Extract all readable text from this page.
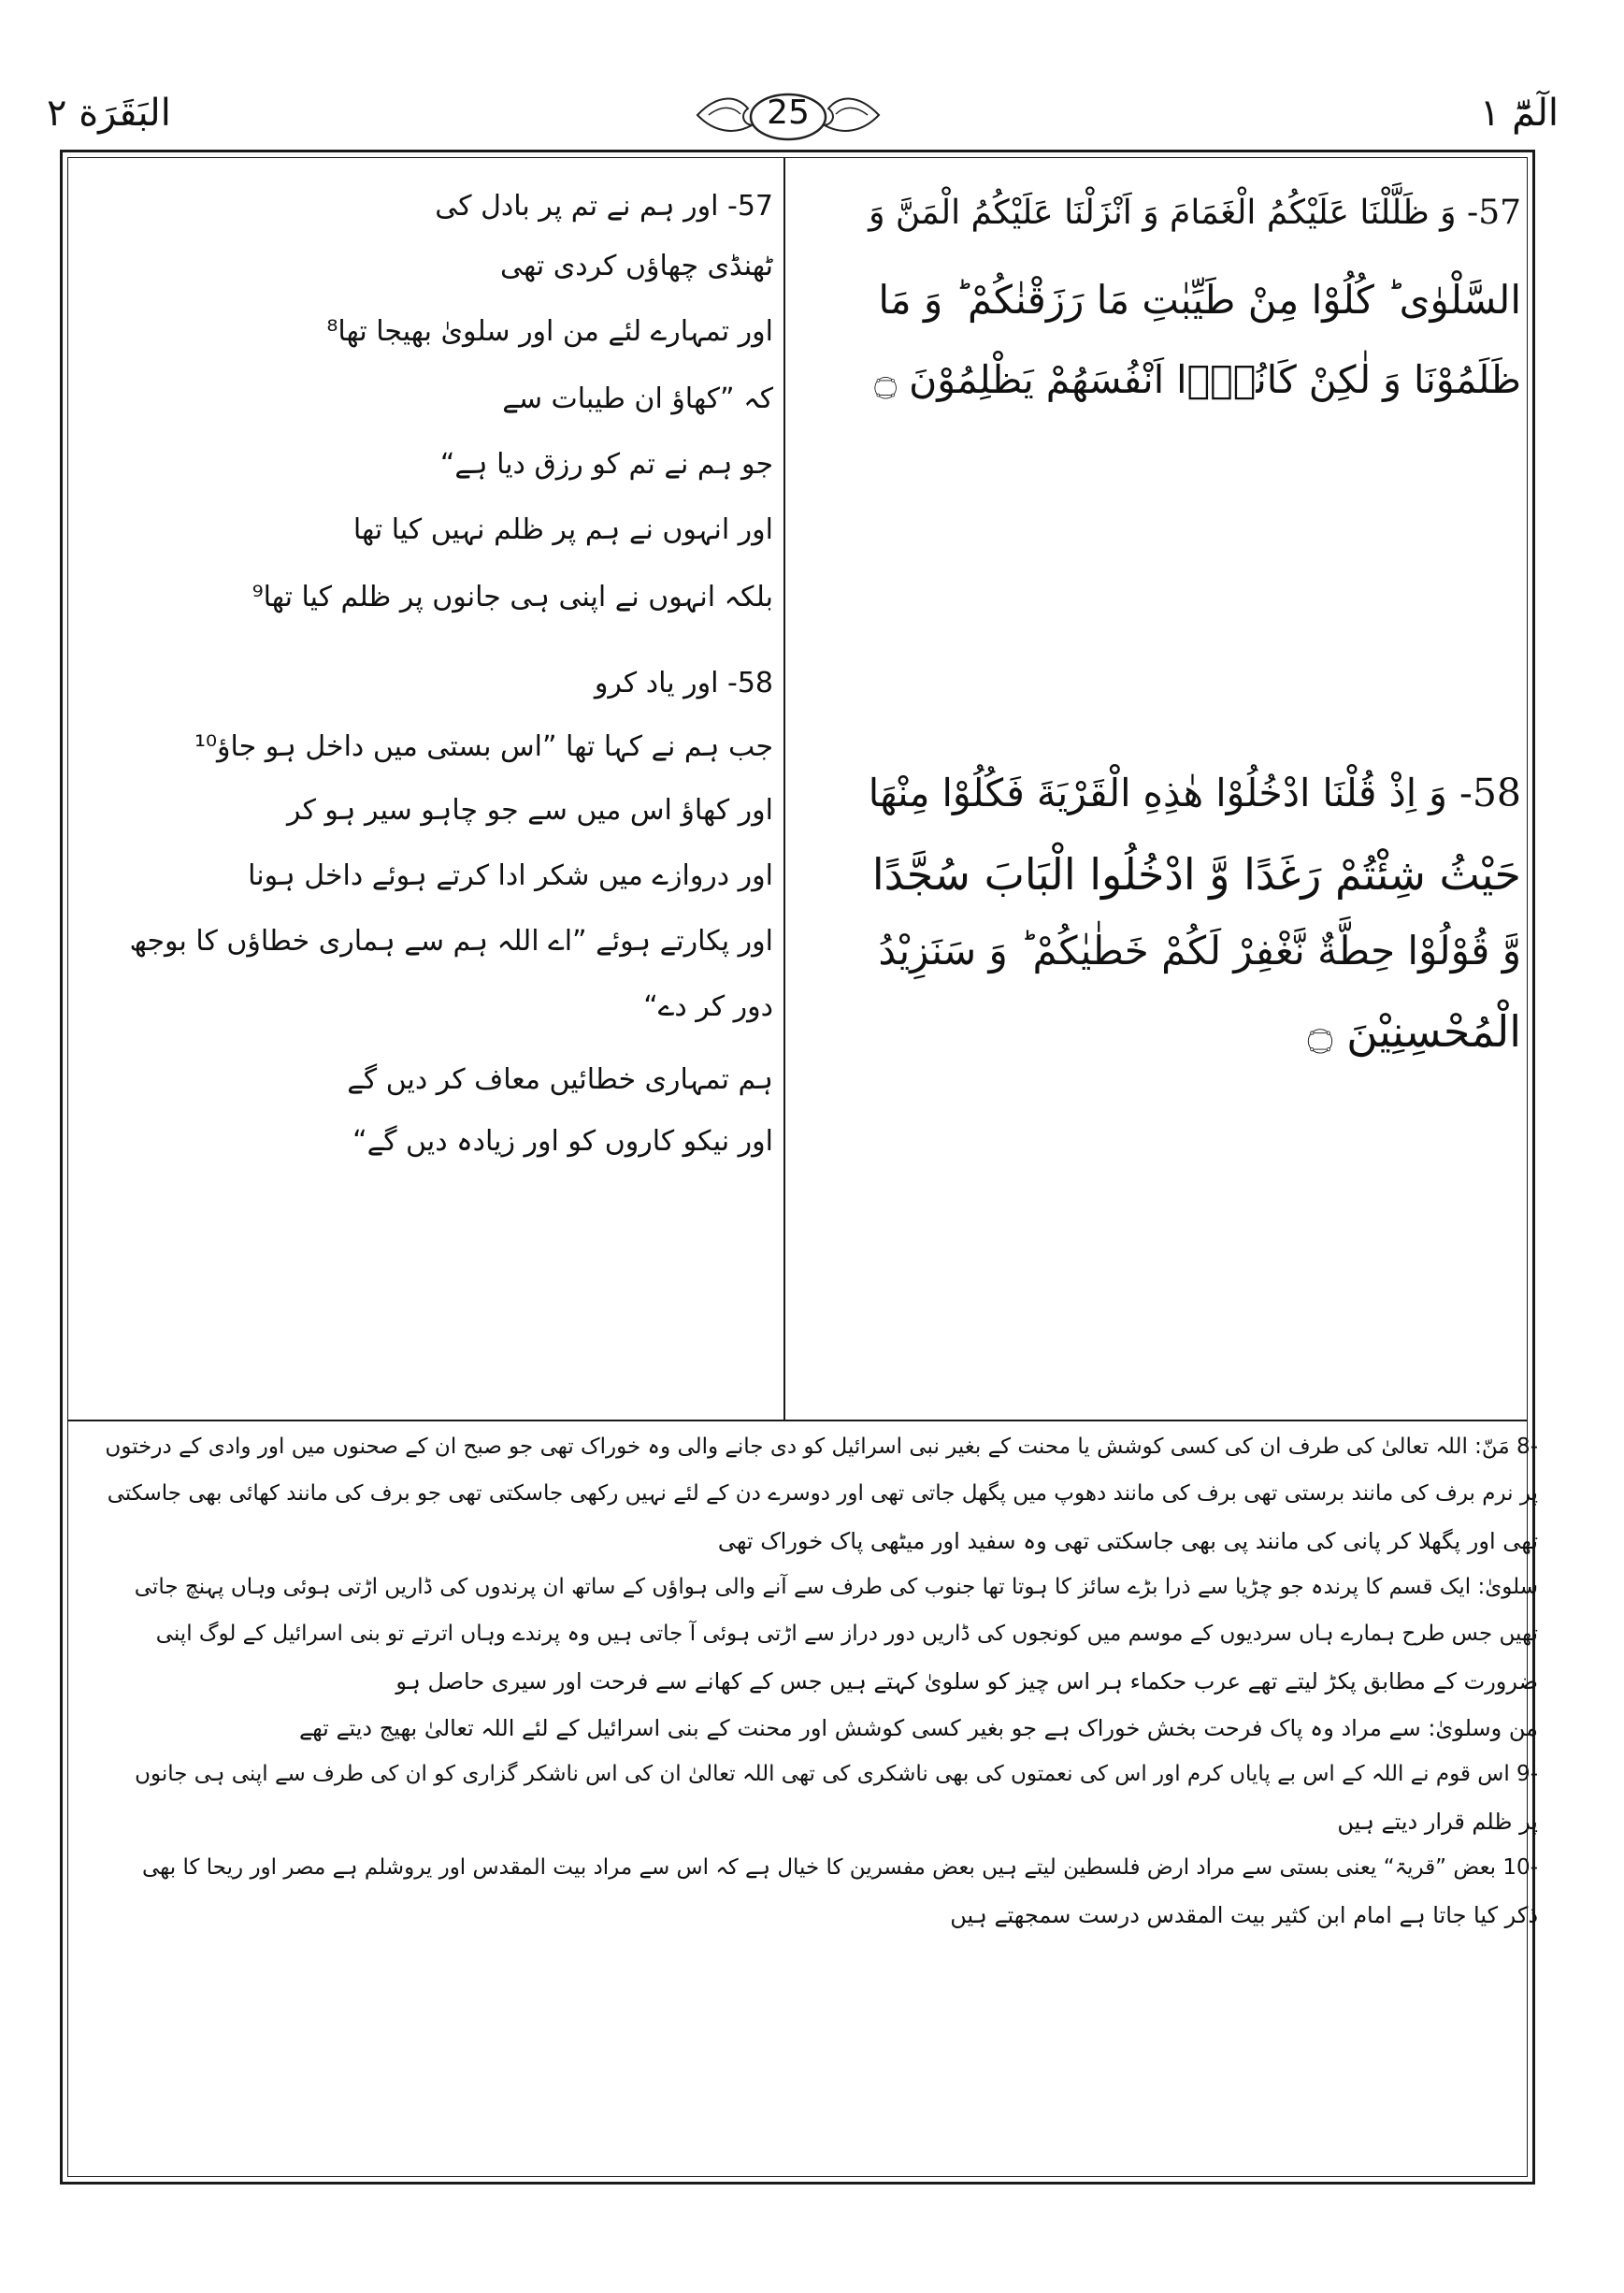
الٓمّٓ ۱
البَقَرَة ۲	25
57- وَ ظَلَّلْنَا عَلَيْكُمُ الْغَمَامَ وَ اَنْزَلْنَا عَلَيْكُمُ الْمَنَّ وَ
السَّلْوٰى ؕ كُلُوْا مِنْ طَيِّبٰتِ مَا رَزَقْنٰكُمْ ؕ وَ مَا
ظَلَمُوْنَا وَ لٰكِنْ كَانُوْۤا اَنْفُسَهُمْ يَظْلِمُوْنَ ۝
58- وَ اِذْ قُلْنَا ادْخُلُوْا هٰذِهِ الْقَرْيَةَ فَكُلُوْا مِنْهَا
حَيْثُ شِئْتُمْ رَغَدًا وَّ ادْخُلُوا الْبَابَ سُجَّدًا
وَّ قُوْلُوْا حِطَّةٌ نَّغْفِرْ لَكُمْ خَطٰيٰكُمْ ؕ وَ سَنَزِيْدُ
الْمُحْسِنِيْنَ ۝
57- اور ہم نے تم پر بادل کی
ٹھنڈی چھاؤں کردی تھی
اور تمہارے لئے من اور سلویٰ بھیجا تھا⁸
کہ ”کھاؤ ان طیبات سے
جو ہم نے تم کو رزق دیا ہے“
اور انہوں نے ہم پر ظلم نہیں کیا تھا
بلکہ انہوں نے اپنی ہی جانوں پر ظلم کیا تھا⁹
58- اور یاد کرو
جب ہم نے کہا تھا ”اس بستی میں داخل ہو جاؤ¹⁰
اور کھاؤ اس میں سے جو چاہو سیر ہو کر
اور دروازے میں شکر ادا کرتے ہوئے داخل ہونا
اور پکارتے ہوئے ”اے اللہ ہم سے ہماری خطاؤں کا بوجھ
دور کر دے“
ہم تمہاری خطائیں معاف کر دیں گے
اور نیکو کاروں کو اور زیادہ دیں گے“
-8 مَنّ: اللہ تعالیٰ کی طرف ان کی کسی کوشش یا محنت کے بغیر نبی اسرائیل کو دی جانے والی وہ خوراک تھی جو صبح ان کے صحنوں میں اور وادی کے درختوں
پر نرم برف کی مانند برستی تھی برف کی مانند دھوپ میں پگھل جاتی تھی اور دوسرے دن کے لئے نہیں رکھی جاسکتی تھی جو برف کی مانند کھائی بھی جاسکتی
تھی اور پگھلا کر پانی کی مانند پی بھی جاسکتی تھی وہ سفید اور میٹھی پاک خوراک تھی
سلویٰ: ایک قسم کا پرندہ جو چڑیا سے ذرا بڑے سائز کا ہوتا تھا جنوب کی طرف سے آنے والی ہواؤں کے ساتھ ان پرندوں کی ڈاریں اڑتی ہوئی وہاں پہنچ جاتی
تھیں جس طرح ہمارے ہاں سردیوں کے موسم میں کونجوں کی ڈاریں دور دراز سے اڑتی ہوئی آ جاتی ہیں وہ پرندے وہاں اترتے تو بنی اسرائیل کے لوگ اپنی
ضرورت کے مطابق پکڑ لیتے تھے عرب حکماء ہر اس چیز کو سلویٰ کہتے ہیں جس کے کھانے سے فرحت اور سیری حاصل ہو
من وسلویٰ: سے مراد وہ پاک فرحت بخش خوراک ہے جو بغیر کسی کوشش اور محنت کے بنی اسرائیل کے لئے اللہ تعالیٰ بھیج دیتے تھے
-9 اس قوم نے اللہ کے اس بے پایاں کرم اور اس کی نعمتوں کی بھی ناشکری کی تھی اللہ تعالیٰ ان کی اس ناشکر گزاری کو ان کی طرف سے اپنی ہی جانوں
پر ظلم قرار دیتے ہیں
-10 بعض ”قریۃ“ یعنی بستی سے مراد ارض فلسطین لیتے ہیں بعض مفسرین کا خیال ہے کہ اس سے مراد بیت المقدس اور یروشلم ہے مصر اور ریحا کا بھی
ذکر کیا جاتا ہے امام ابن کثیر بیت المقدس درست سمجھتے ہیں
